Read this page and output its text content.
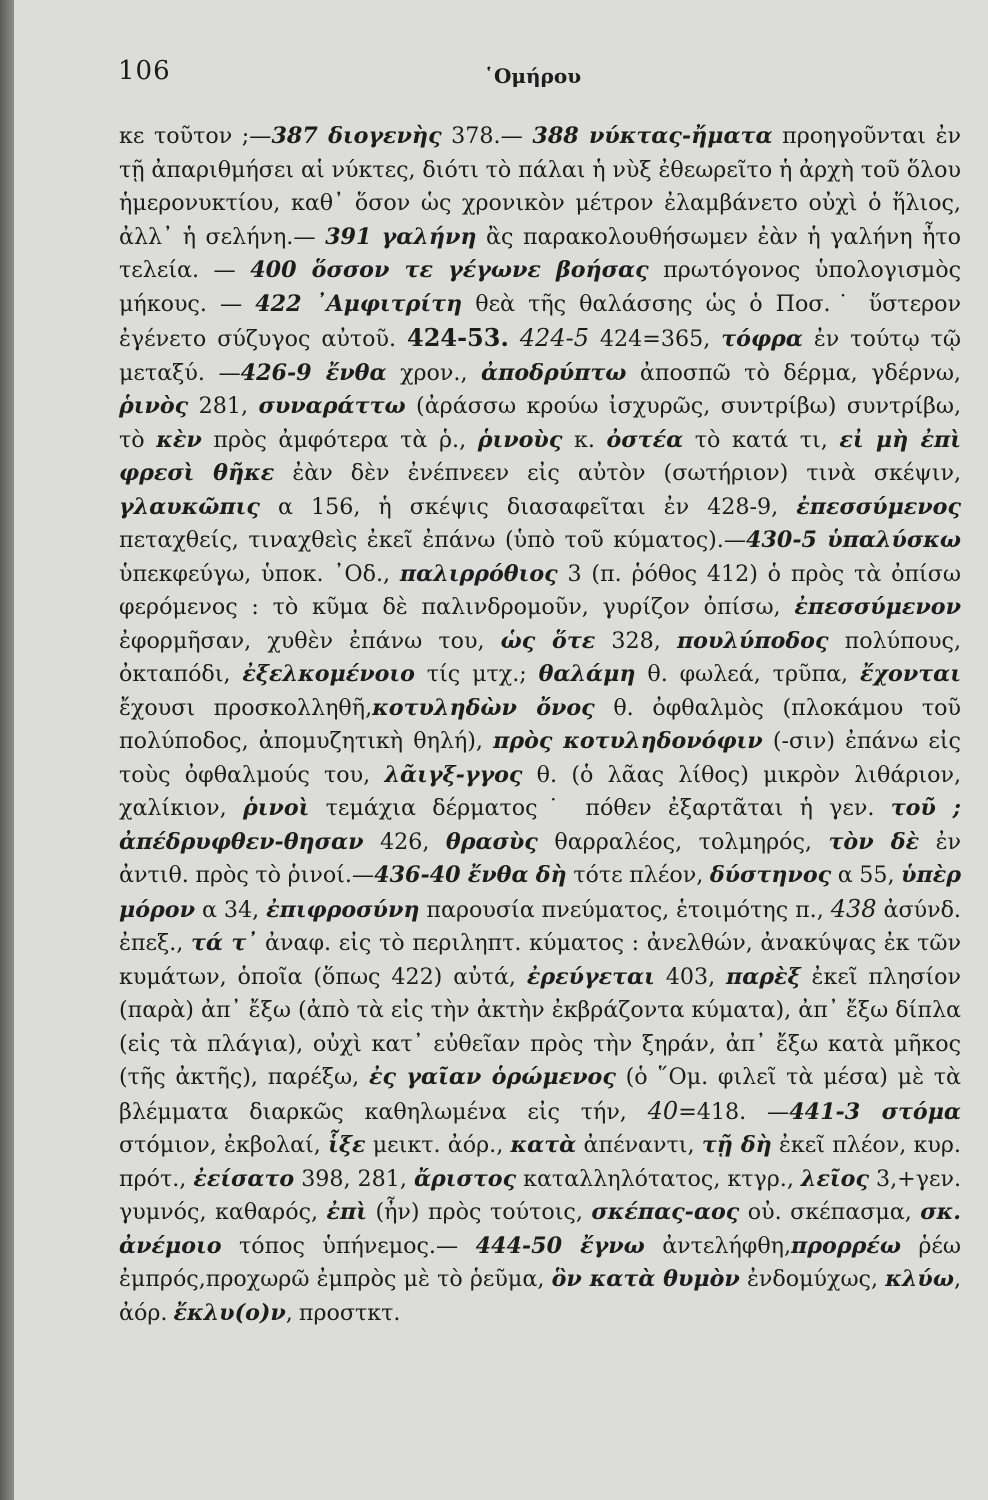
106	῾Ομήρου
κε τοῦτον ;—387 διογενὴς 378.— 388 νύκτας-ἤματα προηγοῦνται ἐν τῇ ἀπαριθμήσει αἱ νύκτες, διότι τὸ πάλαι ἡ νὺξ ἐθεωρεῖτο ἡ ἀρχὴ τοῦ ὅλου ἡμερονυκτίου, καθ᾽ ὅσον ὡς χρονικὸν μέτρον ἐλαμβάνετο οὐχὶ ὁ ἥλιος, ἀλλ᾽ ἡ σελήνη.— 391 γαλήνη ἂς παρακολουθήσωμεν ἐὰν ἡ γαλήνη ἦτο τελεία. — 400 ὅσσον τε γέγωνε βοήσας πρωτόγονος ὑπολογισμὸς μήκους. — 422 ᾽Αμφιτρίτη θεὰ τῆς θαλάσσης ὡς ὁ Ποσ.˙ ὕστερον ἐγένετο σύζυγος αὐτοῦ. 424-53. 424-5 424=365, τόφρα ἐν τούτῳ τῷ μεταξύ. —426-9 ἔνθα χρον., ἀποδρύπτω ἀποσπῶ τὸ δέρμα, γδέρνω, ῥινὸς 281, συναράττω (ἀράσσω κρούω ἰσχυρῶς, συντρίβω) συντρίβω, τὸ κὲν πρὸς ἀμφότερα τὰ ῥ., ῥινοὺς κ. ὀστέα τὸ κατά τι, εἰ μὴ ἐπὶ φρεσὶ θῆκε ἐὰν δὲν ἐνέπνεεν εἰς αὐτὸν (σωτήριον) τινὰ σκέψιν, γλαυκῶπις α 156, ἡ σκέψις διασαφεῖται ἐν 428-9, ἐπεσσύμενος πεταχθείς, τιναχθεὶς ἐκεῖ ἐπάνω (ὑπὸ τοῦ κύματος).—430-5 ὑπαλύσκω ὑπεκφεύγω, ὑποκ. ᾽Οδ., παλιρρόθιος 3 (π. ῥόθος 412) ὁ πρὸς τὰ ὀπίσω φερόμενος : τὸ κῦμα δὲ παλινδρομοῦν, γυρίζον ὀπίσω, ἐπεσσύμενον ἐφορμῆσαν, χυθὲν ἐπάνω του, ὡς ὅτε 328, πουλύποδος πολύπους, ὀκταπόδι, ἐξελκομένοιο τίς μτχ.; θαλάμη θ. φωλεά, τρῦπα, ἔχονται ἔχουσι προσκολληθῆ,κοτυληδὼν ὄνος θ. ὀφθαλμὸς (πλοκάμου τοῦ πολύποδος, ἀπομυζητικὴ θηλή), πρὸς κοτυληδονόφιν (-σιν) ἐπάνω εἰς τοὺς ὀφθαλμούς του, λᾶιγξ-γγος θ. (ὁ λᾶας λίθος) μικρὸν λιθάριον, χαλίκιον, ῥινοὶ τεμάχια δέρματος˙ πόθεν ἐξαρτᾶται ἡ γεν. τοῦ ; ἀπέδρυφθεν-θησαν 426, θρασὺς θαρραλέος, τολμηρός, τὸν δὲ ἐν ἀντιθ. πρὸς τὸ ῥινοί.—436-40 ἔνθα δὴ τότε πλέον, δύστηνος α 55, ὑπὲρ μόρον α 34, ἐπιφροσύνη παρουσία πνεύματος, ἑτοιμότης π., 438 ἀσύνδ. ἐπεξ., τά τ᾽ ἀναφ. εἰς τὸ περιληπτ. κύματος : ἀνελθών, ἀνακύψας ἐκ τῶν κυμάτων, ὁποῖα (ὅπως 422) αὐτά, ἐρεύγεται 403, παρὲξ ἐκεῖ πλησίον (παρὰ) ἀπ᾽ ἔξω (ἀπὸ τὰ εἰς τὴν ἀκτὴν ἐκβράζοντα κύματα), ἀπ᾽ ἔξω δίπλα (εἰς τὰ πλάγια), οὐχὶ κατ᾽ εὐθεῖαν πρὸς τὴν ξηράν, ἀπ᾽ ἔξω κατὰ μῆκος (τῆς ἀκτῆς), παρέξω, ἐς γαῖαν ὁρώμενος (ὁ ῞Ομ. φιλεῖ τὰ μέσα) μὲ τὰ βλέμματα διαρκῶς καθηλωμένα εἰς τήν, 40=418. —441-3 στόμα στόμιον, ἐκβολαί, ἷξε μεικτ. ἀόρ., κατὰ ἀπέναντι, τῇ δὴ ἐκεῖ πλέον, κυρ. πρότ., ἐείσατο 398, 281, ἄριστος καταλληλότατος, κτγρ., λεῖος 3,+γεν. γυμνός, καθαρός, ἐπὶ (ἦν) πρὸς τούτοις, σκέπας-αος οὐ. σκέπασμα, σκ. ἀνέμοιο τόπος ὑπήνεμος.— 444-50 ἔγνω ἀντελήφθη,προρρέω ῥέω ἐμπρός,προχωρῶ ἐμπρὸς μὲ τὸ ῥεῦμα, ὃν κατὰ θυμὸν ἐνδομύχως, κλύω, ἀόρ. ἔκλυ(ο)ν, προστκτ.
